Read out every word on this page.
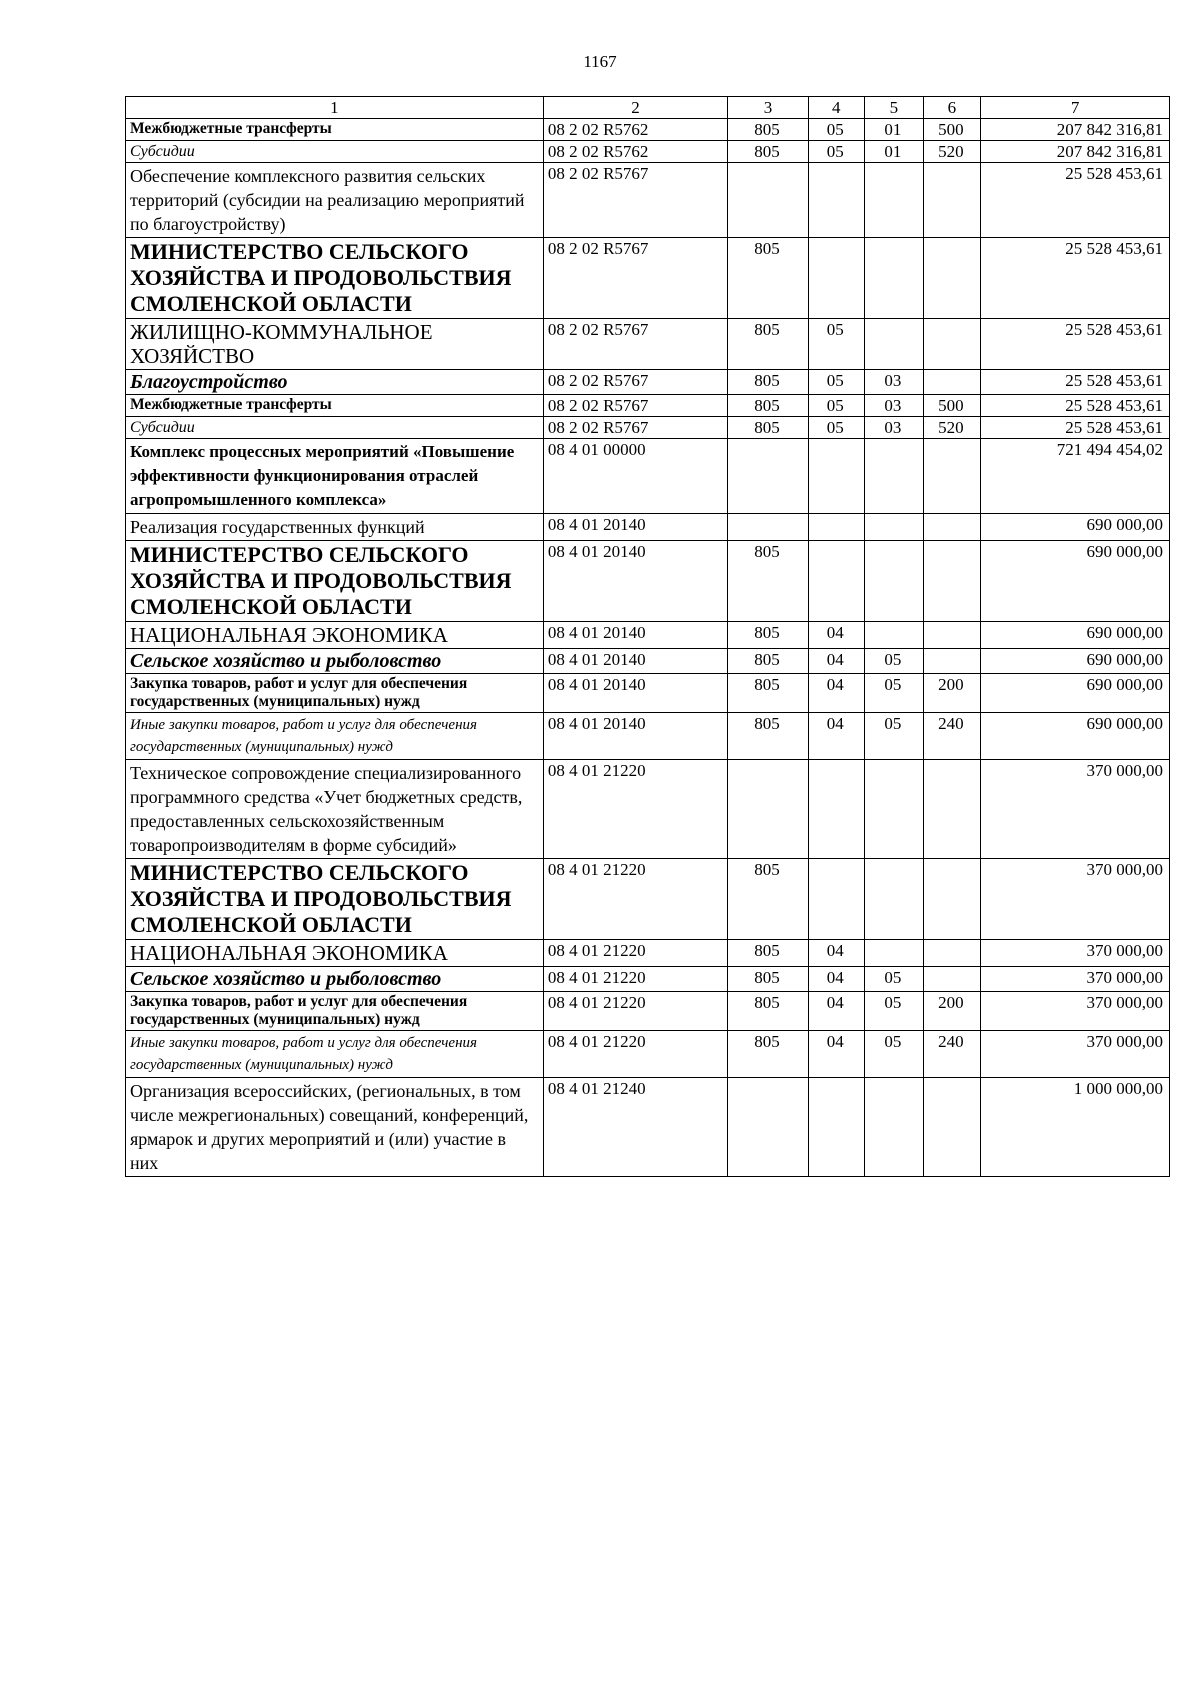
1167
1	2	3	4	5	6	7
Межбюджетные трансферты	08 2 02 R5762	805	05	01	500	207 842 316,81
Субсидии	08 2 02 R5762	805	05	01	520	207 842 316,81
Обеспечение комплексного развития сельских территорий (субсидии на реализацию мероприятий по благоустройству)	08 2 02 R5767					25 528 453,61
МИНИСТЕРСТВО СЕЛЬСКОГО ХОЗЯЙСТВА И ПРОДОВОЛЬСТВИЯ СМОЛЕНСКОЙ ОБЛАСТИ	08 2 02 R5767	805				25 528 453,61
ЖИЛИЩНО-КОММУНАЛЬНОЕ ХОЗЯЙСТВО	08 2 02 R5767	805	05			25 528 453,61
Благоустройство	08 2 02 R5767	805	05	03		25 528 453,61
Межбюджетные трансферты	08 2 02 R5767	805	05	03	500	25 528 453,61
Субсидии	08 2 02 R5767	805	05	03	520	25 528 453,61
Комплекс процессных мероприятий «Повышение эффективности функционирования отраслей агропромышленного комплекса»	08 4 01 00000					721 494 454,02
Реализация государственных функций	08 4 01 20140					690 000,00
МИНИСТЕРСТВО СЕЛЬСКОГО ХОЗЯЙСТВА И ПРОДОВОЛЬСТВИЯ СМОЛЕНСКОЙ ОБЛАСТИ	08 4 01 20140	805				690 000,00
НАЦИОНАЛЬНАЯ ЭКОНОМИКА	08 4 01 20140	805	04			690 000,00
Сельское хозяйство и рыболовство	08 4 01 20140	805	04	05		690 000,00
Закупка товаров, работ и услуг для обеспечения государственных (муниципальных) нужд	08 4 01 20140	805	04	05	200	690 000,00
Иные закупки товаров, работ и услуг для обеспечения государственных (муниципальных) нужд	08 4 01 20140	805	04	05	240	690 000,00
Техническое сопровождение специализированного программного средства «Учет бюджетных средств, предоставленных сельскохозяйственным товаропроизводителям в форме субсидий»	08 4 01 21220					370 000,00
МИНИСТЕРСТВО СЕЛЬСКОГО ХОЗЯЙСТВА И ПРОДОВОЛЬСТВИЯ СМОЛЕНСКОЙ ОБЛАСТИ	08 4 01 21220	805				370 000,00
НАЦИОНАЛЬНАЯ ЭКОНОМИКА	08 4 01 21220	805	04			370 000,00
Сельское хозяйство и рыболовство	08 4 01 21220	805	04	05		370 000,00
Закупка товаров, работ и услуг для обеспечения государственных (муниципальных) нужд	08 4 01 21220	805	04	05	200	370 000,00
Иные закупки товаров, работ и услуг для обеспечения государственных (муниципальных) нужд	08 4 01 21220	805	04	05	240	370 000,00
Организация всероссийских, (региональных, в том числе межрегиональных) совещаний, конференций, ярмарок и других мероприятий и (или) участие в них	08 4 01 21240					1 000 000,00
